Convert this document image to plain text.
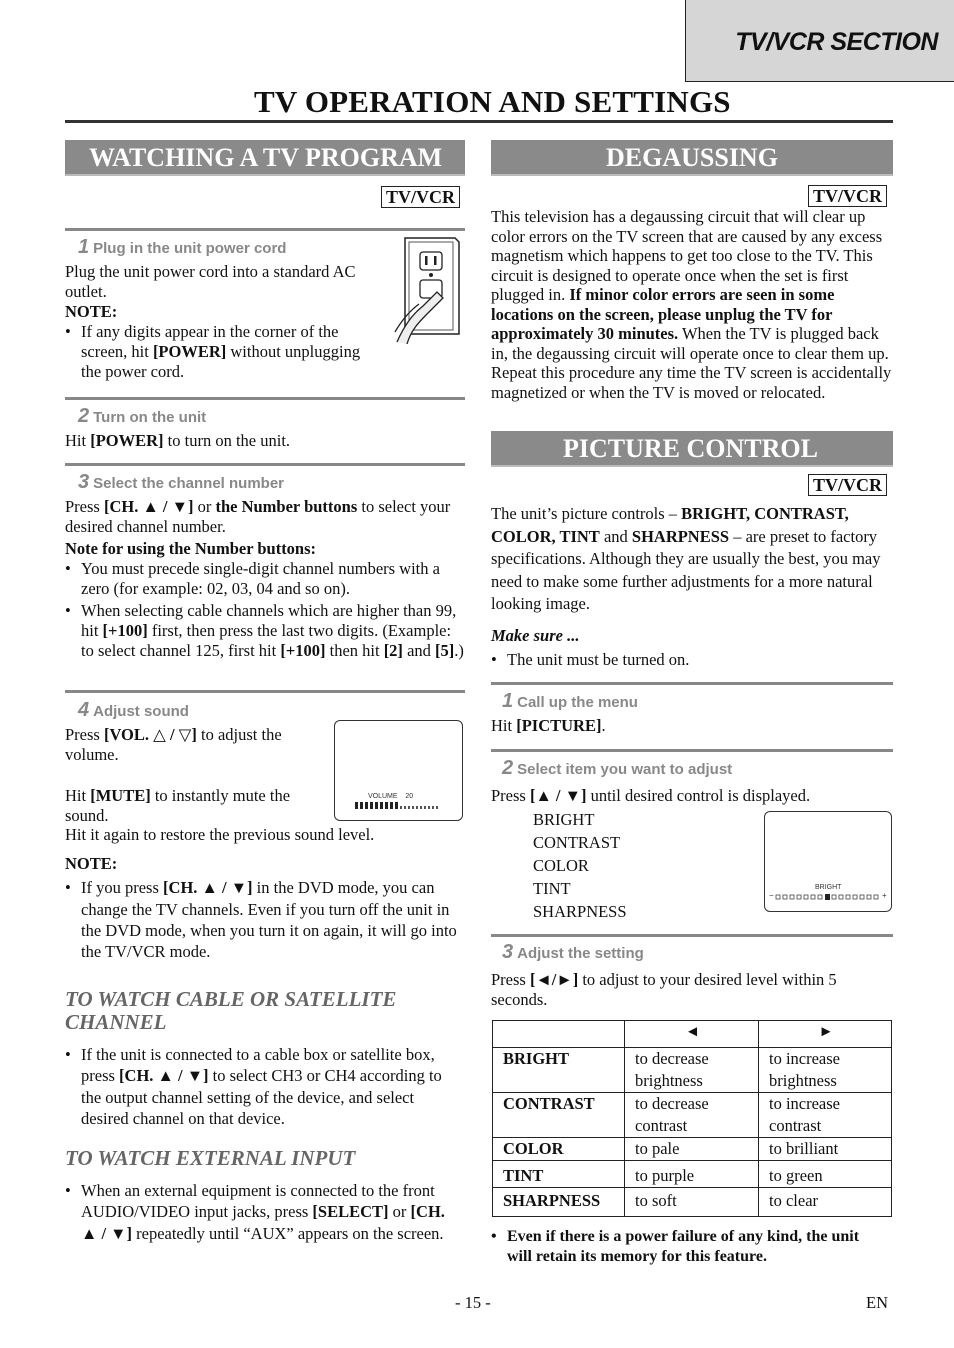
TV/VCR SECTION
TV OPERATION AND SETTINGS
WATCHING A TV PROGRAM
TV/VCR
1 Plug in the unit power cord

Plug the unit power cord into a standard AC outlet.

NOTE:

• If any digits appear in the corner of the screen, hit [POWER] without unplugging the power cord.

2 Turn on the unit

Hit [POWER] to turn on the unit.

3 Select the channel number

Press [CH. ▲ / ▼] or the Number buttons to select your desired channel number.

Note for using the Number buttons:

• You must precede single-digit channel numbers with a zero (for example: 02, 03, 04 and so on).

• When selecting cable channels which are higher than 99, hit [+100] first, then press the last two digits. (Example: to select channel 125, first hit [+100] then hit [2] and [5].)

4 Adjust sound

Press [VOL. △ / ▽] to adjust the volume.

Hit [MUTE] to instantly mute the sound.

Hit it again to restore the previous sound level.

VOLUME 20

NOTE:

• If you press [CH. ▲ / ▼] in the DVD mode, you can change the TV channels. Even if you turn off the unit in the DVD mode, when you turn it on again, it will go into the TV/VCR mode.

TO WATCH CABLE OR SATELLITE CHANNEL

• If the unit is connected to a cable box or satellite box, press [CH. ▲ / ▼] to select CH3 or CH4 according to the output channel setting of the device, and select desired channel on that device.

TO WATCH EXTERNAL INPUT

• When an external equipment is connected to the front AUDIO/VIDEO input jacks, press [SELECT] or [CH. ▲ / ▼] repeatedly until “AUX” appears on the screen.

DEGAUSSING
TV/VCR

This television has a degaussing circuit that will clear up color errors on the TV screen that are caused by any excess magnetism which happens to get too close to the TV. This circuit is designed to operate once when the set is first plugged in. If minor color errors are seen in some locations on the screen, please unplug the TV for approximately 30 minutes. When the TV is plugged back in, the degaussing circuit will operate once to clear them up. Repeat this procedure any time the TV screen is accidentally magnetized or when the TV is moved or relocated.

PICTURE CONTROL
TV/VCR

The unit’s picture controls – BRIGHT, CONTRAST, COLOR, TINT and SHARPNESS – are preset to factory specifications. Although they are usually the best, you may need to make some further adjustments for a more natural looking image.

Make sure ...

• The unit must be turned on.

1 Call up the menu

Hit [PICTURE].

2 Select item you want to adjust

Press [▲ / ▼] until desired control is displayed.

BRIGHT

CONTRAST

COLOR

TINT

SHARPNESS

BRIGHT
−	+
3 Adjust the setting

Press [◄/►] to adjust to your desired level within 5 seconds.

	◄	►
BRIGHT	to decrease brightness	to increase brightness
CONTRAST	to decrease contrast	to increase contrast
COLOR	to pale	to brilliant
TINT	to purple	to green
SHARPNESS	to soft	to clear

• Even if there is a power failure of any kind, the unit will retain its memory for this feature.

- 15 -	EN
